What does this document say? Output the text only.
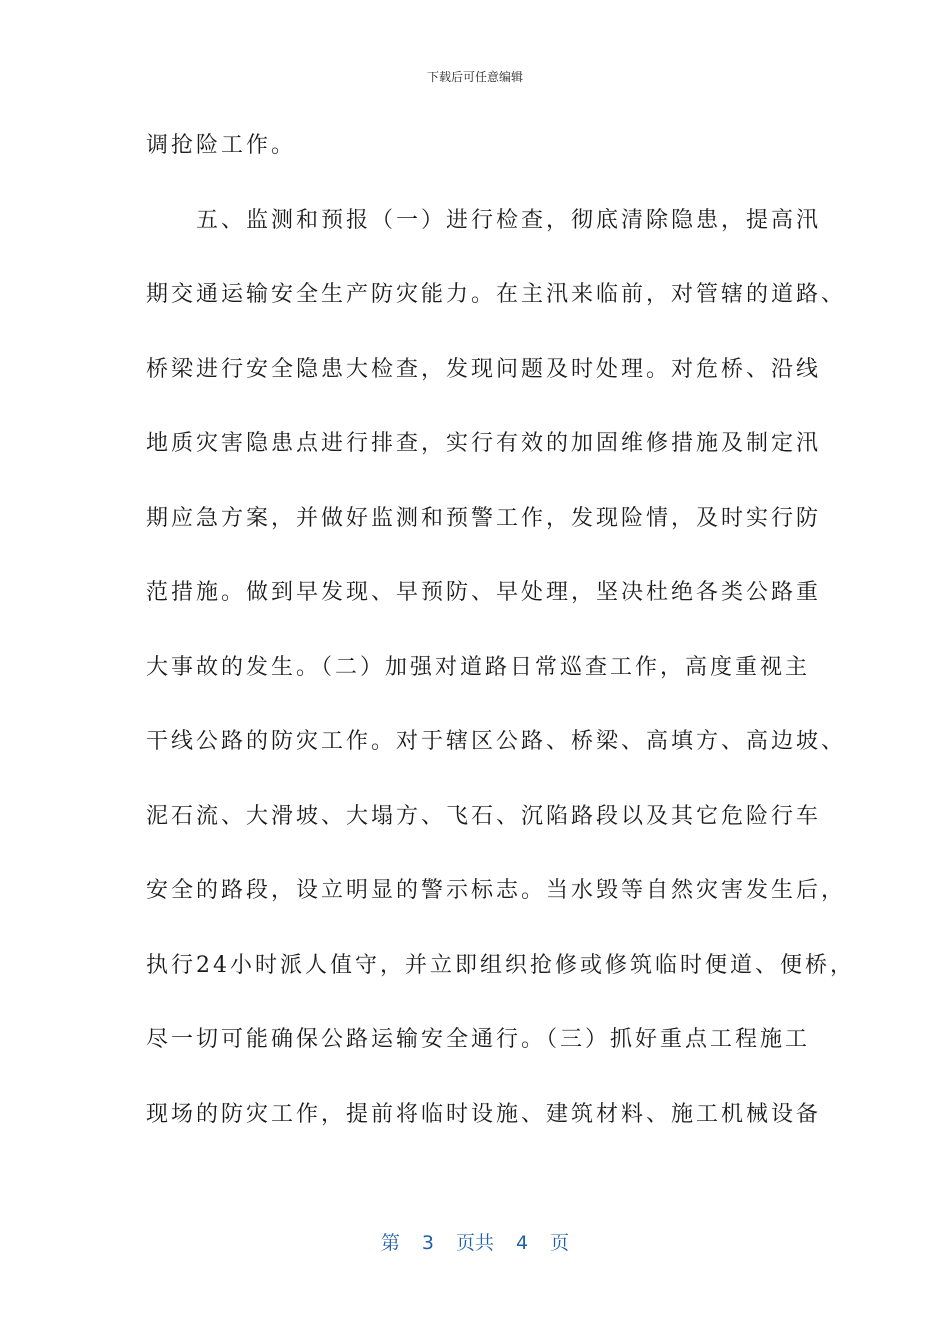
下载后可任意编辑
调抢险工作。
　　五、监测和预报（一）进行检查，彻底清除隐患，提高汛
期交通运输安全生产防灾能力。在主汛来临前，对管辖的道路、
桥梁进行安全隐患大检查，发现问题及时处理。对危桥、沿线
地质灾害隐患点进行排查，实行有效的加固维修措施及制定汛
期应急方案，并做好监测和预警工作，发现险情，及时实行防
范措施。做到早发现、早预防、早处理，坚决杜绝各类公路重
大事故的发生。（二）加强对道路日常巡查工作，高度重视主
干线公路的防灾工作。对于辖区公路、桥梁、高填方、高边坡、
泥石流、大滑坡、大塌方、飞石、沉陷路段以及其它危险行车
安全的路段，设立明显的警示标志。当水毁等自然灾害发生后，
执行24小时派人值守，并立即组织抢修或修筑临时便道、便桥，
尽一切可能确保公路运输安全通行。（三）抓好重点工程施工
现场的防灾工作，提前将临时设施、建筑材料、施工机械设备
第 3 页共 4 页
